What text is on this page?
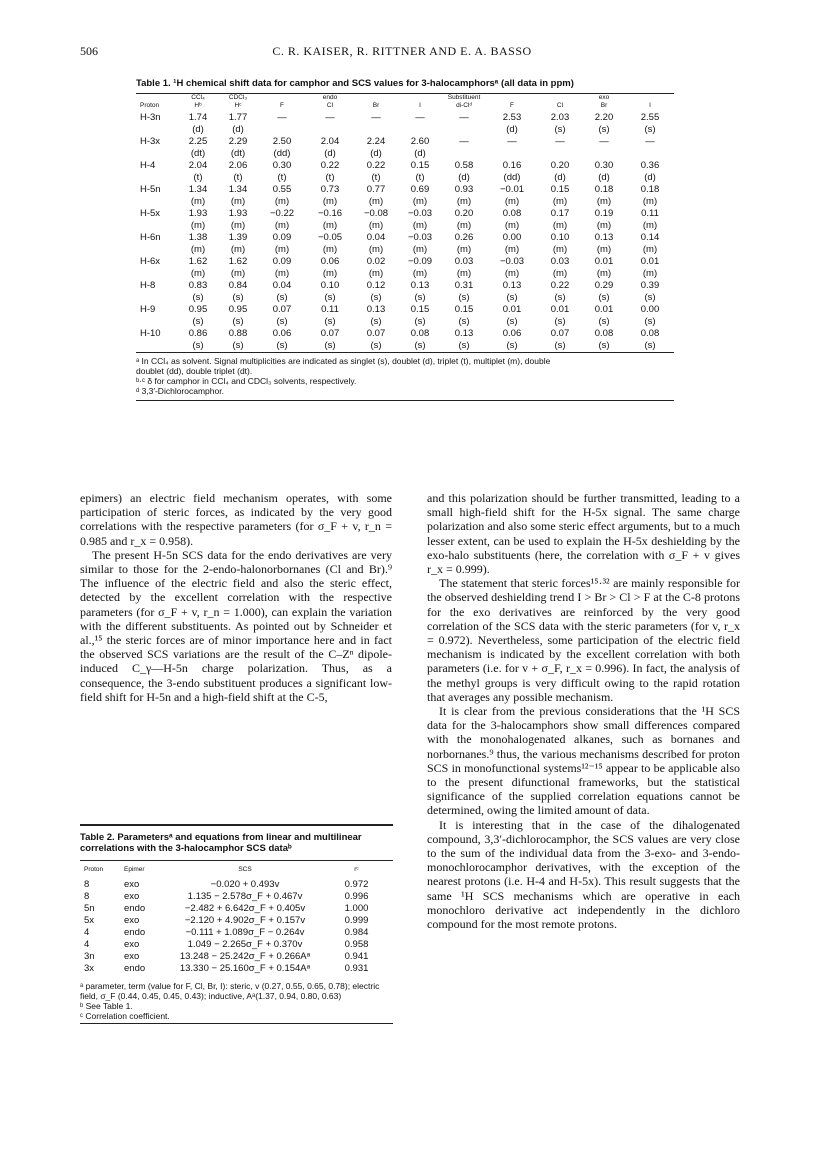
506	C. R. KAISER, R. RITTNER AND E. A. BASSO
Table 1. ¹H chemical shift data for camphor and SCS values for 3-halocamphorsᵃ (all data in ppm)
	CCl₄	CDCl₃		endo			Substituent			exo	
Proton	Hᵇ	Hᶜ	F	Cl	Br	I	di-Clᵈ	F	Cl	Br	I
H-3n	1.74	1.77	—	—	—	—	—	2.53	2.03	2.20	2.55
	(d)	(d)						(d)	(s)	(s)	(s)
H-3x	2.25	2.29	2.50	2.04	2.24	2.60	—	—	—	—	—
	(dt)	(dt)	(dd)	(d)	(d)	(d)					
H-4	2.04	2.06	0.30	0.22	0.22	0.15	0.58	0.16	0.20	0.30	0.36
	(t)	(t)	(t)	(t)	(t)	(t)	(d)	(dd)	(d)	(d)	(d)
H-5n	1.34	1.34	0.55	0.73	0.77	0.69	0.93	−0.01	0.15	0.18	0.18
	(m)	(m)	(m)	(m)	(m)	(m)	(m)	(m)	(m)	(m)	(m)
H-5x	1.93	1.93	−0.22	−0.16	−0.08	−0.03	0.20	0.08	0.17	0.19	0.11
	(m)	(m)	(m)	(m)	(m)	(m)	(m)	(m)	(m)	(m)	(m)
H-6n	1.38	1.39	0.09	−0.05	0.04	−0.03	0.26	0.00	0.10	0.13	0.14
	(m)	(m)	(m)	(m)	(m)	(m)	(m)	(m)	(m)	(m)	(m)
H-6x	1.62	1.62	0.09	0.06	0.02	−0.09	0.03	−0.03	0.03	0.01	0.01
	(m)	(m)	(m)	(m)	(m)	(m)	(m)	(m)	(m)	(m)	(m)
H-8	0.83	0.84	0.04	0.10	0.12	0.13	0.31	0.13	0.22	0.29	0.39
	(s)	(s)	(s)	(s)	(s)	(s)	(s)	(s)	(s)	(s)	(s)
H-9	0.95	0.95	0.07	0.11	0.13	0.15	0.15	0.01	0.01	0.01	0.00
	(s)	(s)	(s)	(s)	(s)	(s)	(s)	(s)	(s)	(s)	(s)
H-10	0.86	0.88	0.06	0.07	0.07	0.08	0.13	0.06	0.07	0.08	0.08
	(s)	(s)	(s)	(s)	(s)	(s)	(s)	(s)	(s)	(s)	(s)
ᵃ In CCl₄ as solvent. Signal multiplicities are indicated as singlet (s), doublet (d), triplet (t), multiplet (m), double
doublet (dd), double triplet (dt).
ᵇ·ᶜ δ for camphor in CCl₄ and CDCl₃ solvents, respectively.
ᵈ 3,3′-Dichlorocamphor.

epimers) an electric field mechanism operates, with some participation of steric forces, as indicated by the very good correlations with the respective parameters (for σ_F + v, r_n = 0.985 and r_x = 0.958).

The present H-5n SCS data for the endo derivatives are very similar to those for the 2-endo-halonorbornanes (Cl and Br).⁹ The influence of the electric field and also the steric effect, detected by the excellent correlation with the respective parameters (for σ_F + v, r_n = 1.000), can explain the variation with the different substituents. As pointed out by Schneider et al.,¹⁵ the steric forces are of minor importance here and in fact the observed SCS variations are the result of the C–Zⁿ dipole-induced C_γ—H-5n charge polarization. Thus, as a consequence, the 3-endo substituent produces a significant low-field shift for H-5n and a high-field shift at the C-5,

Table 2. Parametersᵃ and equations from linear and multilinear correlations with the 3-halocamphor SCS dataᵇ
Proton	Epimer	SCS	rᶜ
8	exo	−0.020 + 0.493v	0.972
8	exo	1.135 − 2.578σ_F + 0.467v	0.996
5n	endo	−2.482 + 6.642σ_F + 0.405v	1.000
5x	exo	−2.120 + 4.902σ_F + 0.157v	0.999
4	endo	−0.111 + 1.089σ_F − 0.264v	0.984
4	exo	1.049 − 2.265σ_F + 0.370v	0.958
3n	exo	13.248 − 25.242σ_F + 0.266Aᵃ	0.941
3x	endo	13.330 − 25.160σ_F + 0.154Aᵃ	0.931
ᵃ parameter, term (value for F, Cl, Br, I): steric, v (0.27, 0.55, 0.65, 0.78); electric field, σ_F (0.44, 0.45, 0.45, 0.43); inductive, Aᵃ(1.37, 0.94, 0.80, 0.63)
ᵇ See Table 1.
ᶜ Correlation coefficient.

and this polarization should be further transmitted, leading to a small high-field shift for the H-5x signal. The same charge polarization and also some steric effect arguments, but to a much lesser extent, can be used to explain the H-5x deshielding by the exo-halo substituents (here, the correlation with σ_F + v gives r_x = 0.999).

The statement that steric forces¹⁵·³² are mainly responsible for the observed deshielding trend I > Br > Cl > F at the C-8 protons for the exo derivatives are reinforced by the very good correlation of the SCS data with the steric parameters (for v, r_x = 0.972). Nevertheless, some participation of the electric field mechanism is indicated by the excellent correlation with both parameters (i.e. for v + σ_F, r_x = 0.996). In fact, the analysis of the methyl groups is very difficult owing to the rapid rotation that averages any possible mechanism.

It is clear from the previous considerations that the ¹H SCS data for the 3-halocamphors show small differences compared with the monohalogenated alkanes, such as bornanes and norbornanes.⁹ thus, the various mechanisms described for proton SCS in monofunctional systems¹²⁻¹⁵ appear to be applicable also to the present difunctional frameworks, but the statistical significance of the supplied correlation equations cannot be determined, owing the limited amount of data.

It is interesting that in the case of the dihalogenated compound, 3,3′-dichlorocamphor, the SCS values are very close to the sum of the individual data from the 3-exo- and 3-endo-monochlorocamphor derivatives, with the exception of the nearest protons (i.e. H-4 and H-5x). This result suggests that the same ¹H SCS mechanisms which are operative in each monochloro derivative act independently in the dichloro compound for the most remote protons.
